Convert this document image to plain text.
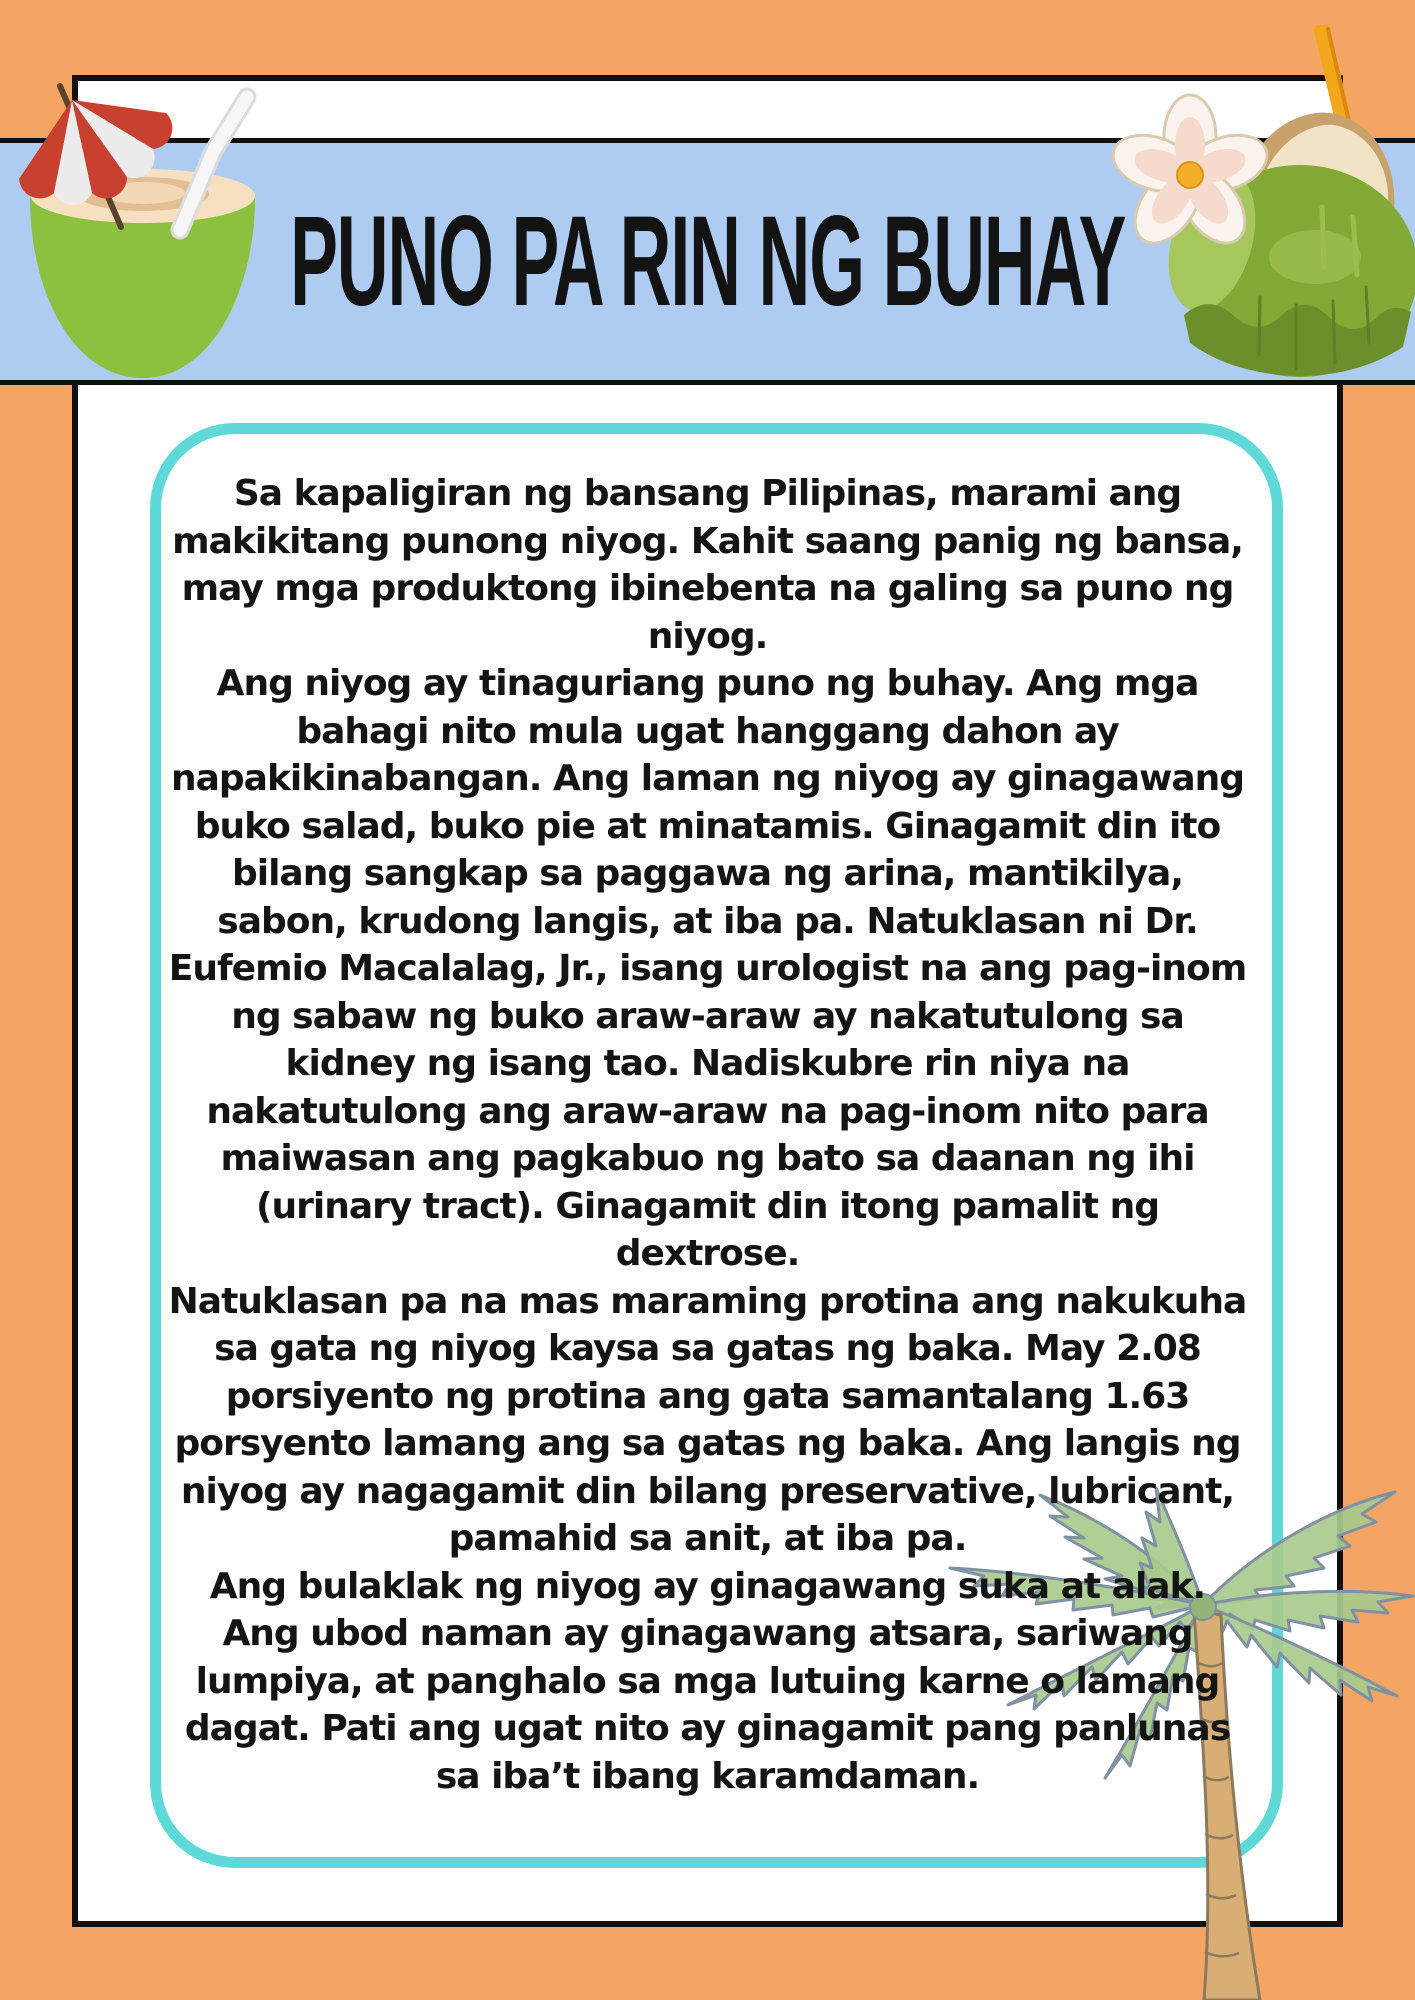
PUNO PA RIN NG BUHAY

Sa kapaligiran ng bansang Pilipinas, marami ang makikitang punong niyog. Kahit saang panig ng bansa, may mga produktong ibinebenta na galing sa puno ng niyog.

Ang niyog ay tinaguriang puno ng buhay. Ang mga bahagi nito mula ugat hanggang dahon ay napakikinabangan. Ang laman ng niyog ay ginagawang buko salad, buko pie at minatamis. Ginagamit din ito bilang sangkap sa paggawa ng arina, mantikilya, sabon, krudong langis, at iba pa. Natuklasan ni Dr. Eufemio Macalalag, Jr., isang urologist na ang pag-inom ng sabaw ng buko araw-araw ay nakatutulong sa kidney ng isang tao. Nadiskubre rin niya na nakatutulong ang araw-araw na pag-inom nito para maiwasan ang pagkabuo ng bato sa daanan ng ihi (urinary tract). Ginagamit din itong pamalit ng dextrose.

Natuklasan pa na mas maraming protina ang nakukuha sa gata ng niyog kaysa sa gatas ng baka. May 2.08 porsiyento ng protina ang gata samantalang 1.63 porsyento lamang ang sa gatas ng baka. Ang langis ng niyog ay nagagamit din bilang preservative, lubricant, pamahid sa anit, at iba pa.

Ang bulaklak ng niyog ay ginagawang suka at alak. Ang ubod naman ay ginagawang atsara, sariwang lumpiya, at panghalo sa mga lutuing karne o lamang dagat. Pati ang ugat nito ay ginagamit pang panlunas sa iba’t ibang karamdaman.
